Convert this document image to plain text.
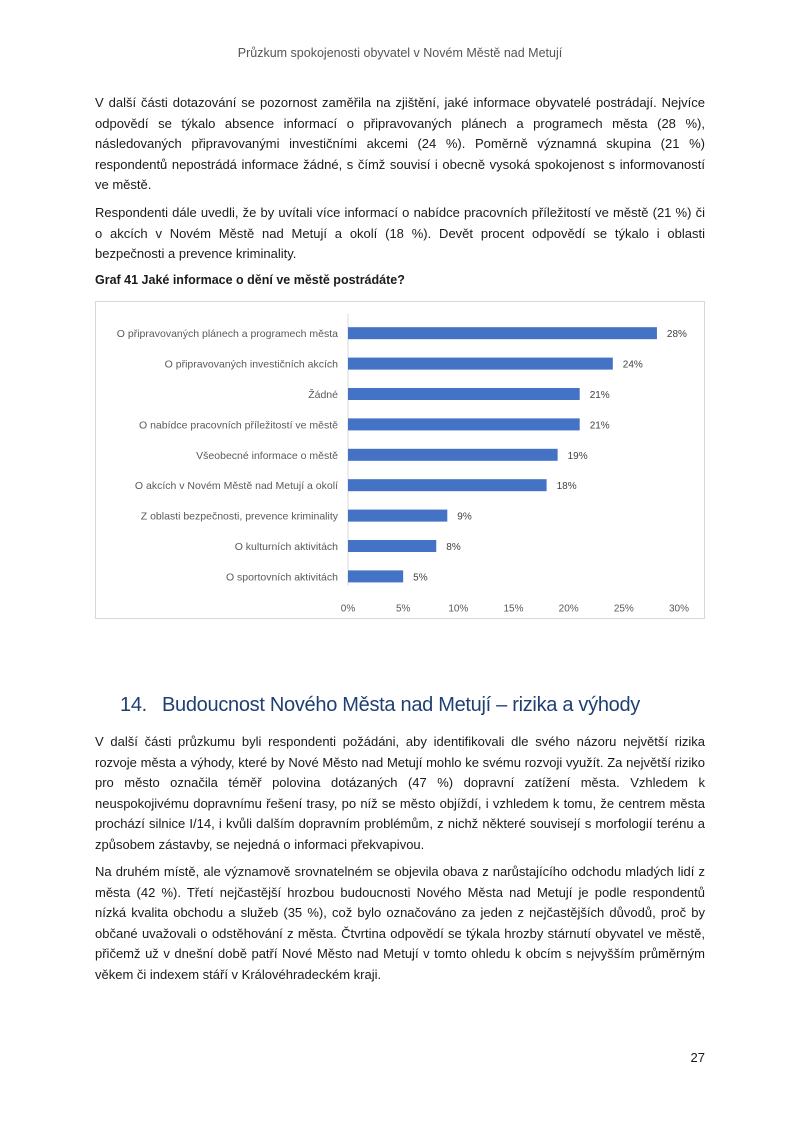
Průzkum spokojenosti obyvatel v Novém Městě nad Metují

V další části dotazování se pozornost zaměřila na zjištění, jaké informace obyvatelé postrádají. Nejvíce odpovědí se týkalo absence informací o připravovaných plánech a programech města (28 %), následovaných připravovanými investičními akcemi (24 %). Poměrně významná skupina (21 %) respondentů nepostrádá informace žádné, s čímž souvisí i obecně vysoká spokojenost s informovaností ve městě.

Respondenti dále uvedli, že by uvítali více informací o nabídce pracovních příležitostí ve městě (21 %) či o akcích v Novém Městě nad Metují a okolí (18 %). Devět procent odpovědí se týkalo i oblasti bezpečnosti a prevence kriminality.

Graf 41 Jaké informace o dění ve městě postrádáte?

O připravovaných plánech a programech města	28%
O připravovaných investičních akcích	24%
Žádné	21%
O nabídce pracovních příležitostí ve městě	21%
Všeobecné informace o městě	19%
O akcích v Novém Městě nad Metují a okolí	18%
Z oblasti bezpečnosti, prevence kriminality	9%
O kulturních aktivitách	8%
O sportovních aktivitách	5%
0%	5%	10%	15%	20%	25%	30%
14. Budoucnost Nového Města nad Metují – rizika a výhody

V další části průzkumu byli respondenti požádáni, aby identifikovali dle svého názoru největší rizika rozvoje města a výhody, které by Nové Město nad Metují mohlo ke svému rozvoji využít. Za největší riziko pro město označila téměř polovina dotázaných (47 %) dopravní zatížení města. Vzhledem k neuspokojivému dopravnímu řešení trasy, po níž se město objíždí, i vzhledem k tomu, že centrem města prochází silnice I/14, i kvůli dalším dopravním problémům, z nichž některé souvisejí s morfologií terénu a způsobem zástavby, se nejedná o informaci překvapivou.

Na druhém místě, ale významově srovnatelném se objevila obava z narůstajícího odchodu mladých lidí z města (42 %). Třetí nejčastější hrozbou budoucnosti Nového Města nad Metují je podle respondentů nízká kvalita obchodu a služeb (35 %), což bylo označováno za jeden z nejčastějších důvodů, proč by občané uvažovali o odstěhování z města. Čtvrtina odpovědí se týkala hrozby stárnutí obyvatel ve městě, přičemž už v dnešní době patří Nové Město nad Metují v tomto ohledu k obcím s nejvyšším průměrným věkem či indexem stáří v Královéhradeckém kraji.

27
